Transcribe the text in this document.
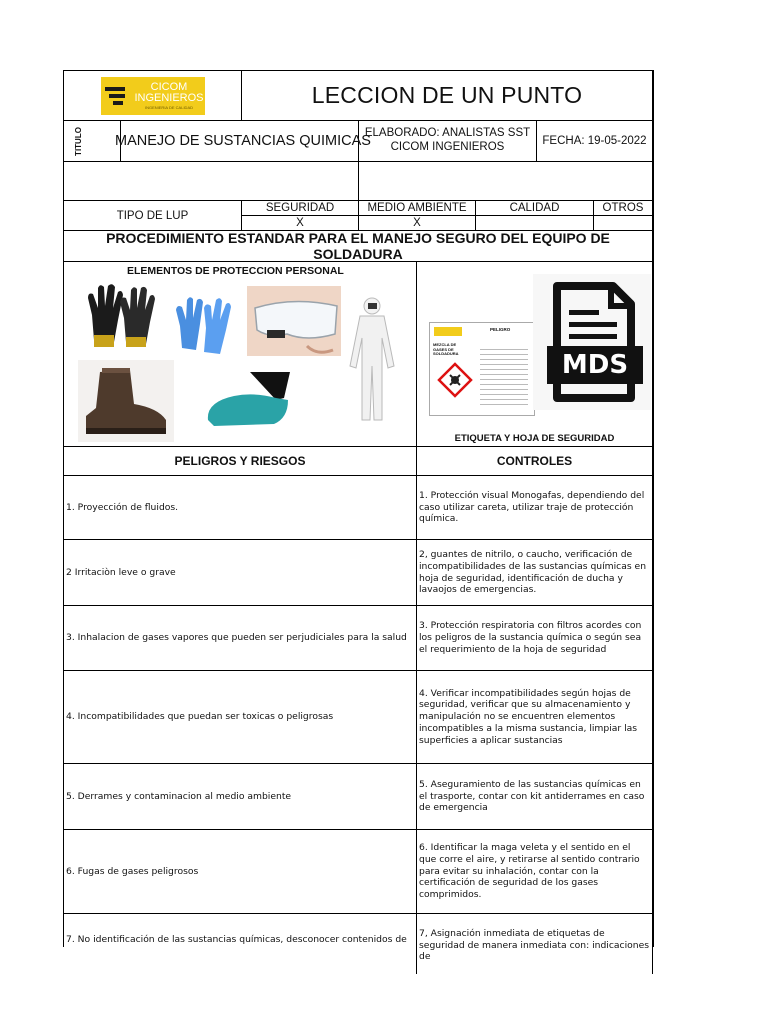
CICOM INGENIEROS
INGENIERIA DE CALIDAD	LECCION DE UN PUNTO
TITULO MANEJO DE SUSTANCIAS QUIMICAS
ELABORADO: ANALISTAS SST
CICOM INGENIEROS	FECHA: 19-05-2022
TIPO DE LUP
SEGURIDAD	MEDIO AMBIENTE	CALIDAD	OTROS
X	X
PROCEDIMIENTO ESTANDAR PARA EL MANEJO SEGURO DEL EQUIPO DE SOLDADURA
ELEMENTOS DE PROTECCION PERSONAL
PELIGRO
MEZCLA DE GASES DE SOLDADURA	MDS
ETIQUETA Y HOJA DE SEGURIDAD
PELIGROS Y RIESGOS	CONTROLES
1. Proyección de fluidos.
1. Protección visual Monogafas, dependiendo del caso utilizar careta, utilizar traje de protección química.
2 Irritaciòn leve o grave
2, guantes de nitrilo, o caucho, verificación de incompatibilidades de las sustancias químicas en hoja de seguridad, identificación de ducha y lavaojos de emergencias.
3. Inhalacion de gases vapores que pueden ser perjudiciales para la salud
3. Protección respiratoria con filtros acordes con los peligros de la sustancia química o según sea el requerimiento de la hoja de seguridad
4. Incompatibilidades que puedan ser toxicas o peligrosas
4. Verificar incompatibilidades según hojas de seguridad, verificar que su almacenamiento y manipulación no se encuentren elementos incompatibles a la misma sustancia, limpiar las superficies a aplicar sustancias
5. Derrames y contaminacion al medio ambiente
5. Aseguramiento de las sustancias químicas en el trasporte, contar con kit antiderrames en caso de emergencia
6. Fugas de gases peligrosos
6. Identificar la maga veleta y el sentido en el que corre el aire, y retirarse al sentido contrario para evitar su inhalación, contar con la certificación de seguridad de los gases comprimidos.
7. No identificación de las sustancias químicas, desconocer contenidos de
7, Asignación inmediata de etiquetas de seguridad de manera inmediata con: indicaciones de
